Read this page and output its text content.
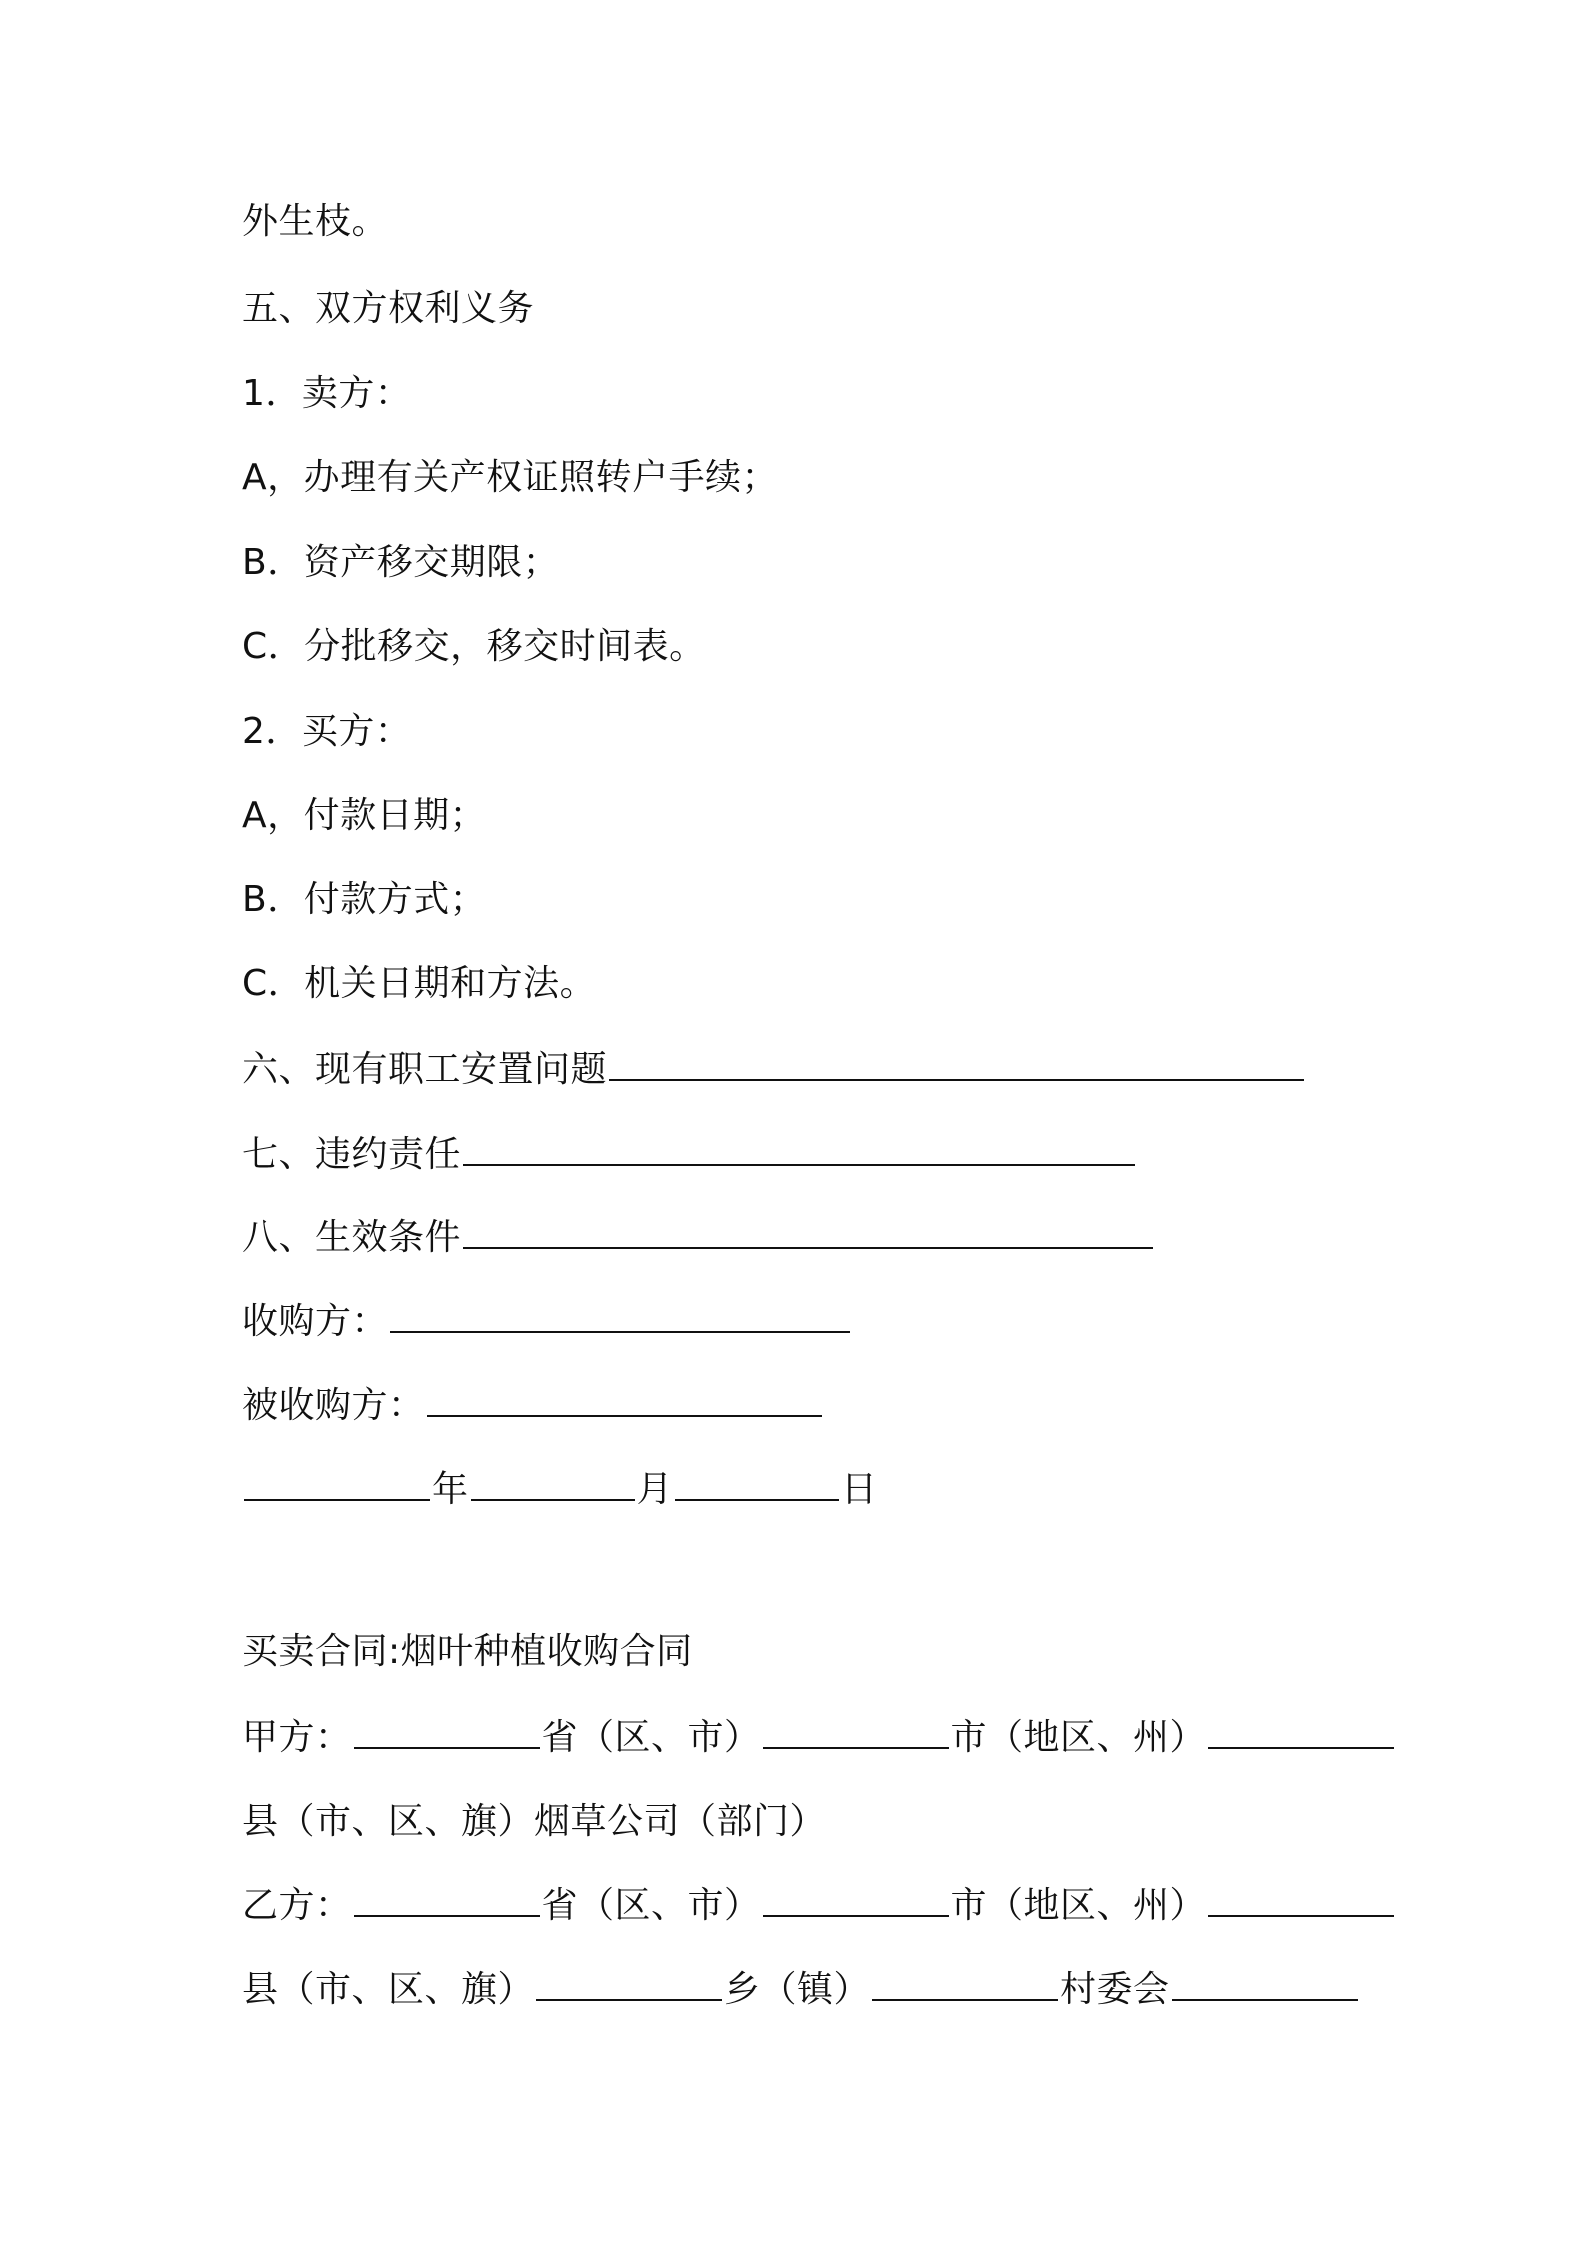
外生枝。
五、双方权利义务
1．卖方：
A，办理有关产权证照转户手续；
B．资产移交期限；
C．分批移交，移交时间表。
2．买方：
A，付款日期；
B．付款方式；
C．机关日期和方法。
六、现有职工安置问题
七、违约责任
八、生效条件
收购方：
被收购方：
年	月	日
买卖合同:烟叶种植收购合同
甲方：	省（区、市）	市（地区、州）
县（市、区、旗）烟草公司（部门）
乙方：	省（区、市）	市（地区、州）
县（市、区、旗）	乡（镇）	村委会
